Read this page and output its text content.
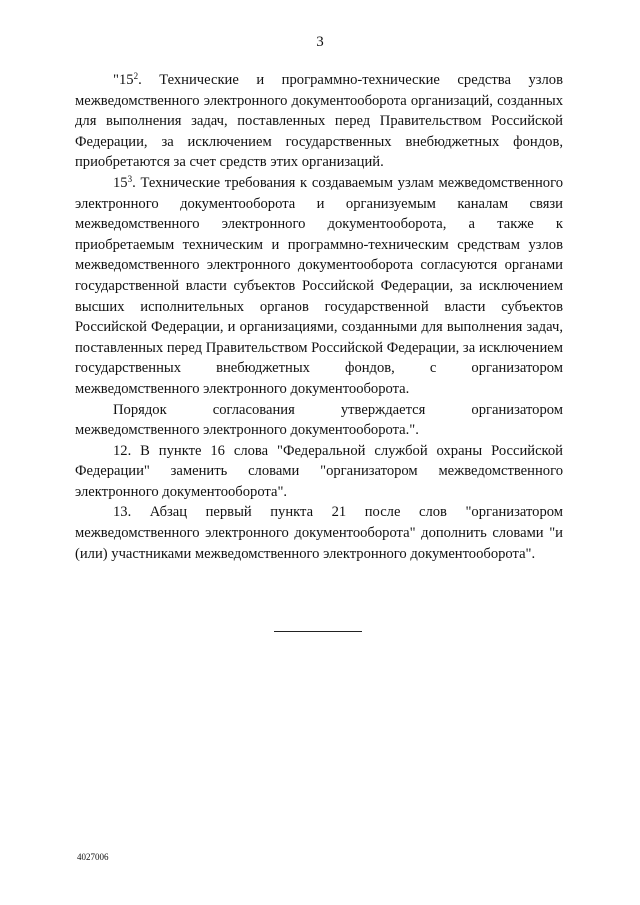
3

"$15^2$. Технические и программно-технические средства узлов межведомственного электронного документооборота организаций, созданных для выполнения задач, поставленных перед Правительством Российской Федерации, за исключением государственных внебюджетных фондов, приобретаются за счет средств этих организаций.

$15^3$. Технические требования к создаваемым узлам межведомственного электронного документооборота и организуемым каналам связи межведомственного электронного документооборота, а также к приобретаемым техническим и программно-техническим средствам узлов межведомственного электронного документооборота согласуются органами государственной власти субъектов Российской Федерации, за исключением высших исполнительных органов государственной власти субъектов Российской Федерации, и организациями, созданными для выполнения задач, поставленных перед Правительством Российской Федерации, за исключением государственных внебюджетных фондов, с организатором межведомственного электронного документооборота.

Порядок согласования утверждается организатором межведомственного электронного документооборота.".

12. В пункте 16 слова "Федеральной службой охраны Российской Федерации" заменить словами "организатором межведомственного электронного документооборота".

13. Абзац первый пункта 21 после слов "организатором межведомственного электронного документооборота" дополнить словами "и (или) участниками межведомственного электронного документооборота".

4027006
